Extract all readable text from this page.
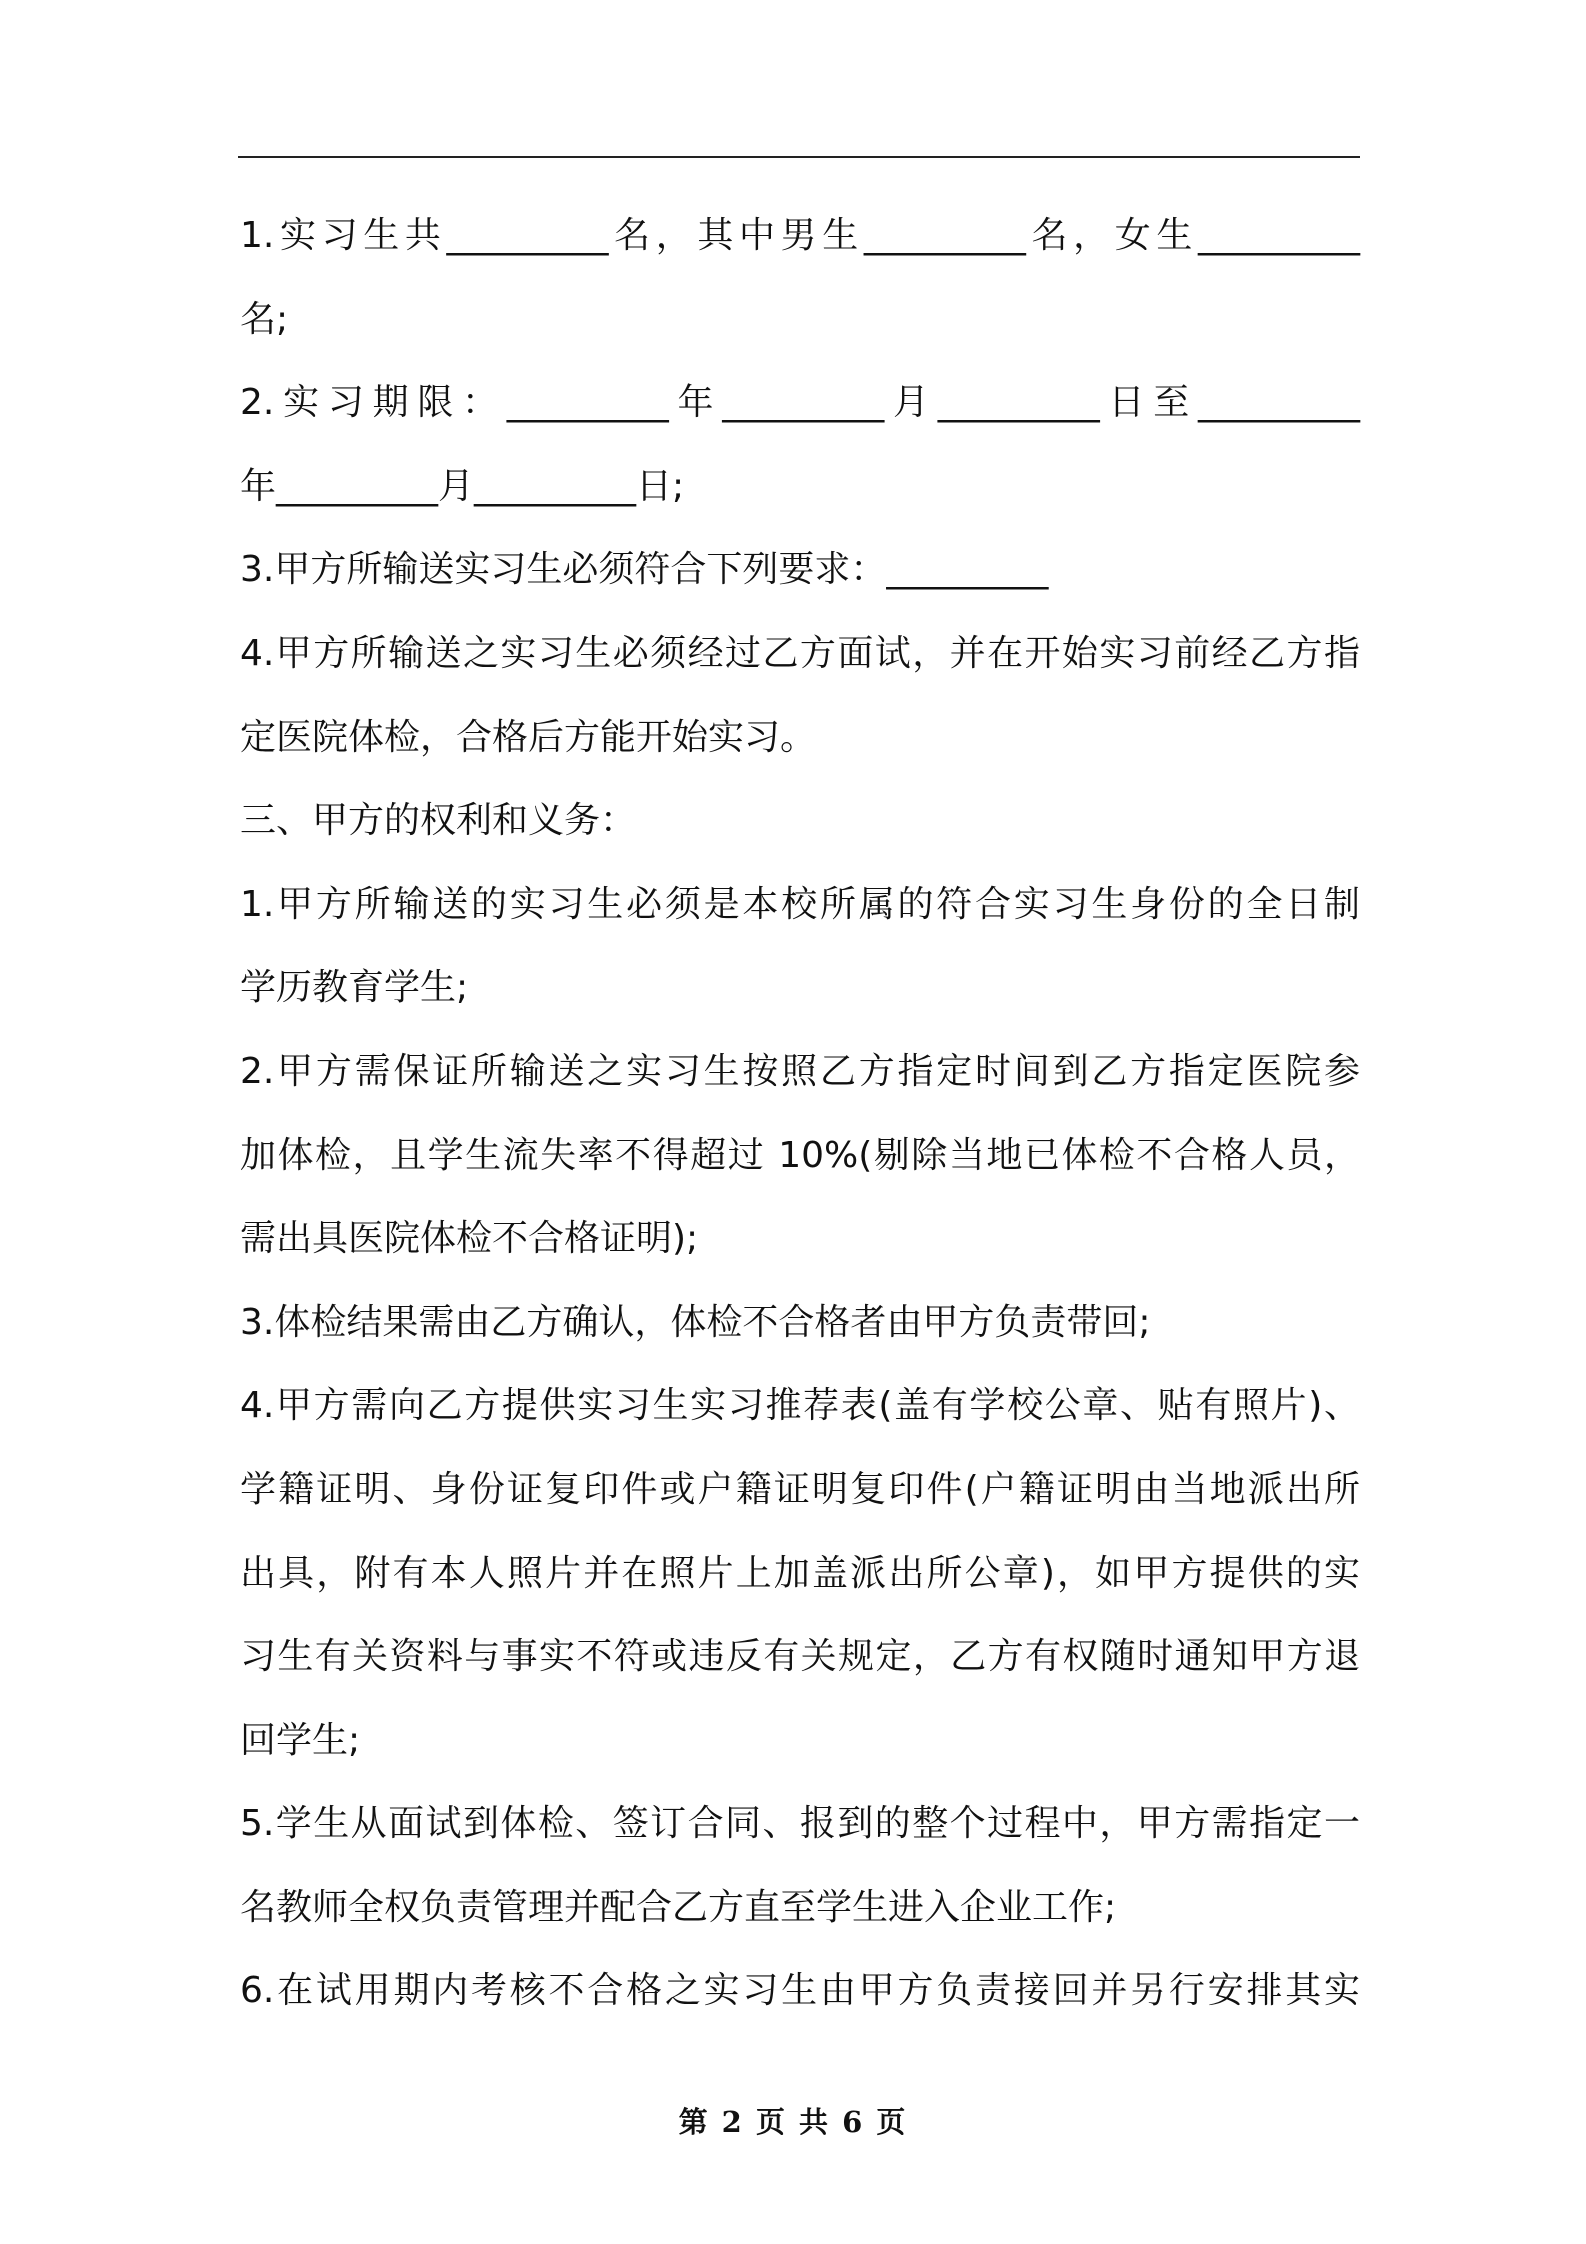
1.实习生共_________名，其中男生_________名，女生_________
名;
2.实习期限：_________年_________月_________日至_________
年_________月_________日;
3.甲方所输送实习生必须符合下列要求：_________
4.甲方所输送之实习生必须经过乙方面试，并在开始实习前经乙方指
定医院体检，合格后方能开始实习。
三、甲方的权利和义务：
1.甲方所输送的实习生必须是本校所属的符合实习生身份的全日制
学历教育学生;
2.甲方需保证所输送之实习生按照乙方指定时间到乙方指定医院参
加体检，且学生流失率不得超过 10%(剔除当地已体检不合格人员，
需出具医院体检不合格证明);
3.体检结果需由乙方确认，体检不合格者由甲方负责带回;
4.甲方需向乙方提供实习生实习推荐表(盖有学校公章、贴有照片)、
学籍证明、身份证复印件或户籍证明复印件(户籍证明由当地派出所
出具，附有本人照片并在照片上加盖派出所公章)，如甲方提供的实
习生有关资料与事实不符或违反有关规定，乙方有权随时通知甲方退
回学生;
5.学生从面试到体检、签订合同、报到的整个过程中，甲方需指定一
名教师全权负责管理并配合乙方直至学生进入企业工作;
6.在试用期内考核不合格之实习生由甲方负责接回并另行安排其实
第 2 页 共 6 页
